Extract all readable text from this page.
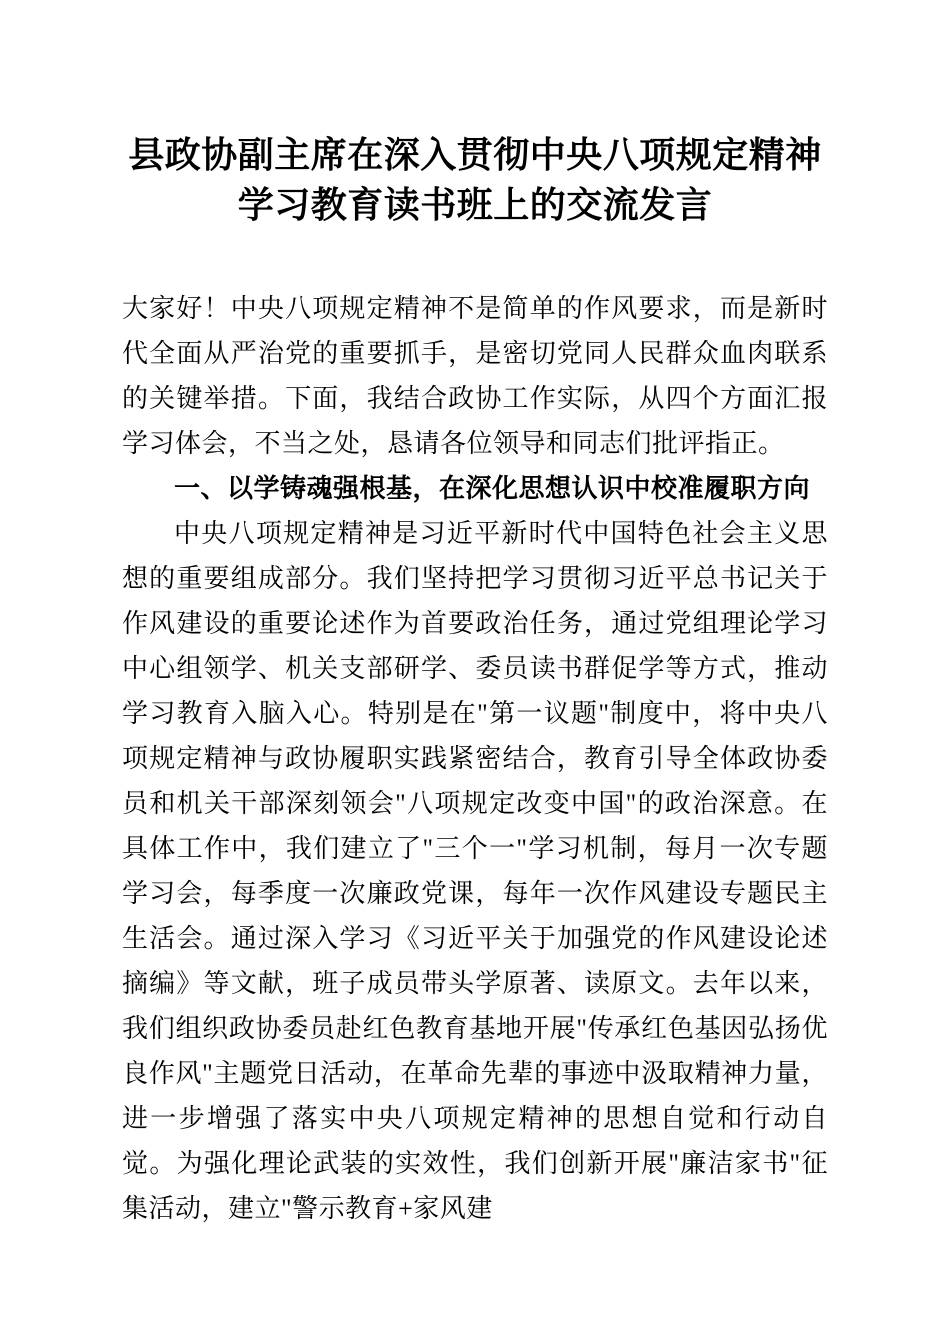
县政协副主席在深入贯彻中央八项规定精神学习教育读书班上的交流发言

大家好！中央八项规定精神不是简单的作风要求，而是新时代全面从严治党的重要抓手，是密切党同人民群众血肉联系的关键举措。下面，我结合政协工作实际，从四个方面汇报学习体会，不当之处，恳请各位领导和同志们批评指正。

一、以学铸魂强根基，在深化思想认识中校准履职方向

中央八项规定精神是习近平新时代中国特色社会主义思想的重要组成部分。我们坚持把学习贯彻习近平总书记关于作风建设的重要论述作为首要政治任务，通过党组理论学习中心组领学、机关支部研学、委员读书群促学等方式，推动学习教育入脑入心。特别是在"第一议题"制度中，将中央八项规定精神与政协履职实践紧密结合，教育引导全体政协委员和机关干部深刻领会"八项规定改变中国"的政治深意。在具体工作中，我们建立了"三个一"学习机制，每月一次专题学习会，每季度一次廉政党课，每年一次作风建设专题民主生活会。通过深入学习《习近平关于加强党的作风建设论述摘编》等文献，班子成员带头学原著、读原文。去年以来，我们组织政协委员赴红色教育基地开展"传承红色基因弘扬优良作风"主题党日活动，在革命先辈的事迹中汲取精神力量，进一步增强了落实中央八项规定精神的思想自觉和行动自觉。为强化理论武装的实效性，我们创新开展"廉洁家书"征集活动，建立"警示教育+家风建
